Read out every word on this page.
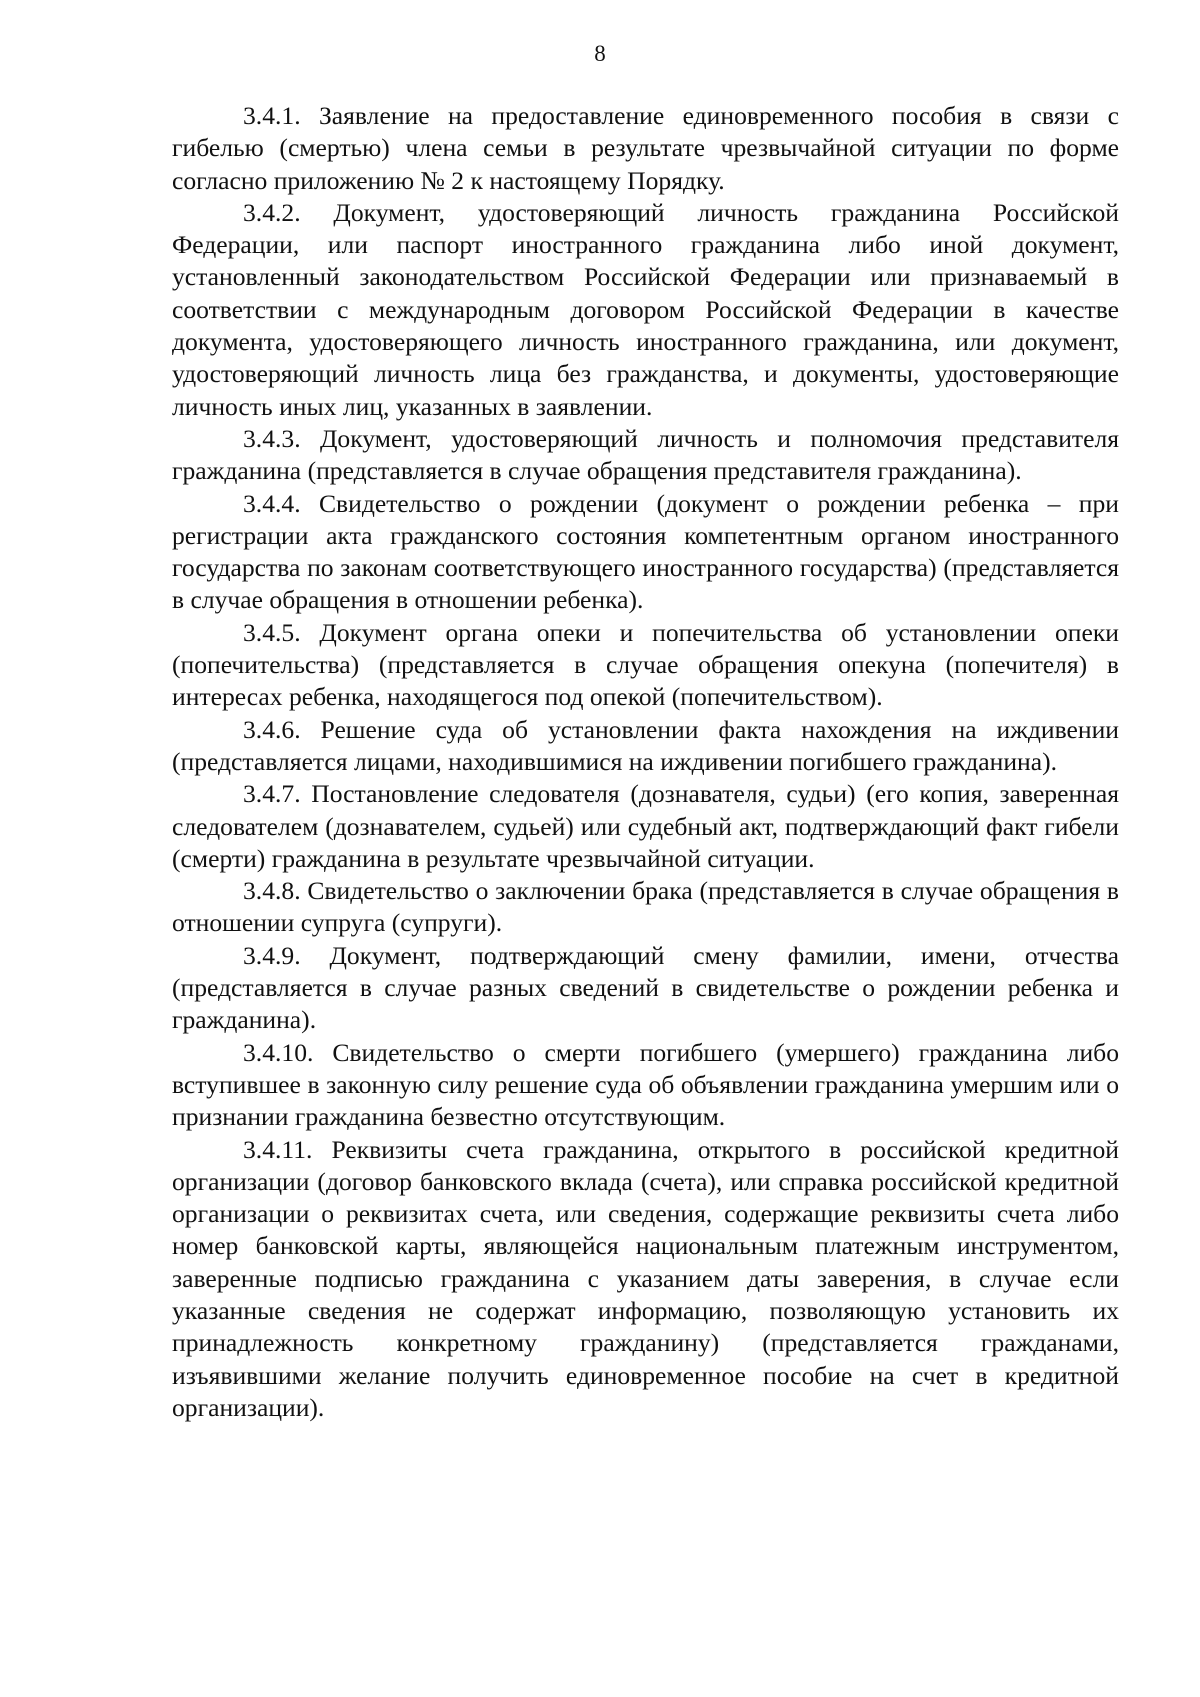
8

3.4.1. Заявление на предоставление единовременного пособия в связи с гибелью (смертью) члена семьи в результате чрезвычайной ситуации по форме согласно приложению № 2 к настоящему Порядку.

3.4.2. Документ, удостоверяющий личность гражданина Российской Федерации, или паспорт иностранного гражданина либо иной документ, установленный законодательством Российской Федерации или признаваемый в соответствии с международным договором Российской Федерации в качестве документа, удостоверяющего личность иностранного гражданина, или документ, удостоверяющий личность лица без гражданства, и документы, удостоверяющие личность иных лиц, указанных в заявлении.

3.4.3. Документ, удостоверяющий личность и полномочия представителя гражданина (представляется в случае обращения представителя гражданина).

3.4.4. Свидетельство о рождении (документ о рождении ребенка – при регистрации акта гражданского состояния компетентным органом иностранного государства по законам соответствующего иностранного государства) (представляется в случае обращения в отношении ребенка).

3.4.5. Документ органа опеки и попечительства об установлении опеки (попечительства) (представляется в случае обращения опекуна (попечителя) в интересах ребенка, находящегося под опекой (попечительством).

3.4.6. Решение суда об установлении факта нахождения на иждивении (представляется лицами, находившимися на иждивении погибшего гражданина).

3.4.7. Постановление следователя (дознавателя, судьи) (его копия, заверенная следователем (дознавателем, судьей) или судебный акт, подтверждающий факт гибели (смерти) гражданина в результате чрезвычайной ситуации.

3.4.8. Свидетельство о заключении брака (представляется в случае обращения в отношении супруга (супруги).

3.4.9. Документ, подтверждающий смену фамилии, имени, отчества (представляется в случае разных сведений в свидетельстве о рождении ребенка и гражданина).

3.4.10. Свидетельство о смерти погибшего (умершего) гражданина либо вступившее в законную силу решение суда об объявлении гражданина умершим или о признании гражданина безвестно отсутствующим.

3.4.11. Реквизиты счета гражданина, открытого в российской кредитной организации (договор банковского вклада (счета), или справка российской кредитной организации о реквизитах счета, или сведения, содержащие реквизиты счета либо номер банковской карты, являющейся национальным платежным инструментом, заверенные подписью гражданина с указанием даты заверения, в случае если указанные сведения не содержат информацию, позволяющую установить их принадлежность конкретному гражданину) (представляется гражданами, изъявившими желание получить единовременное пособие на счет в кредитной организации).
